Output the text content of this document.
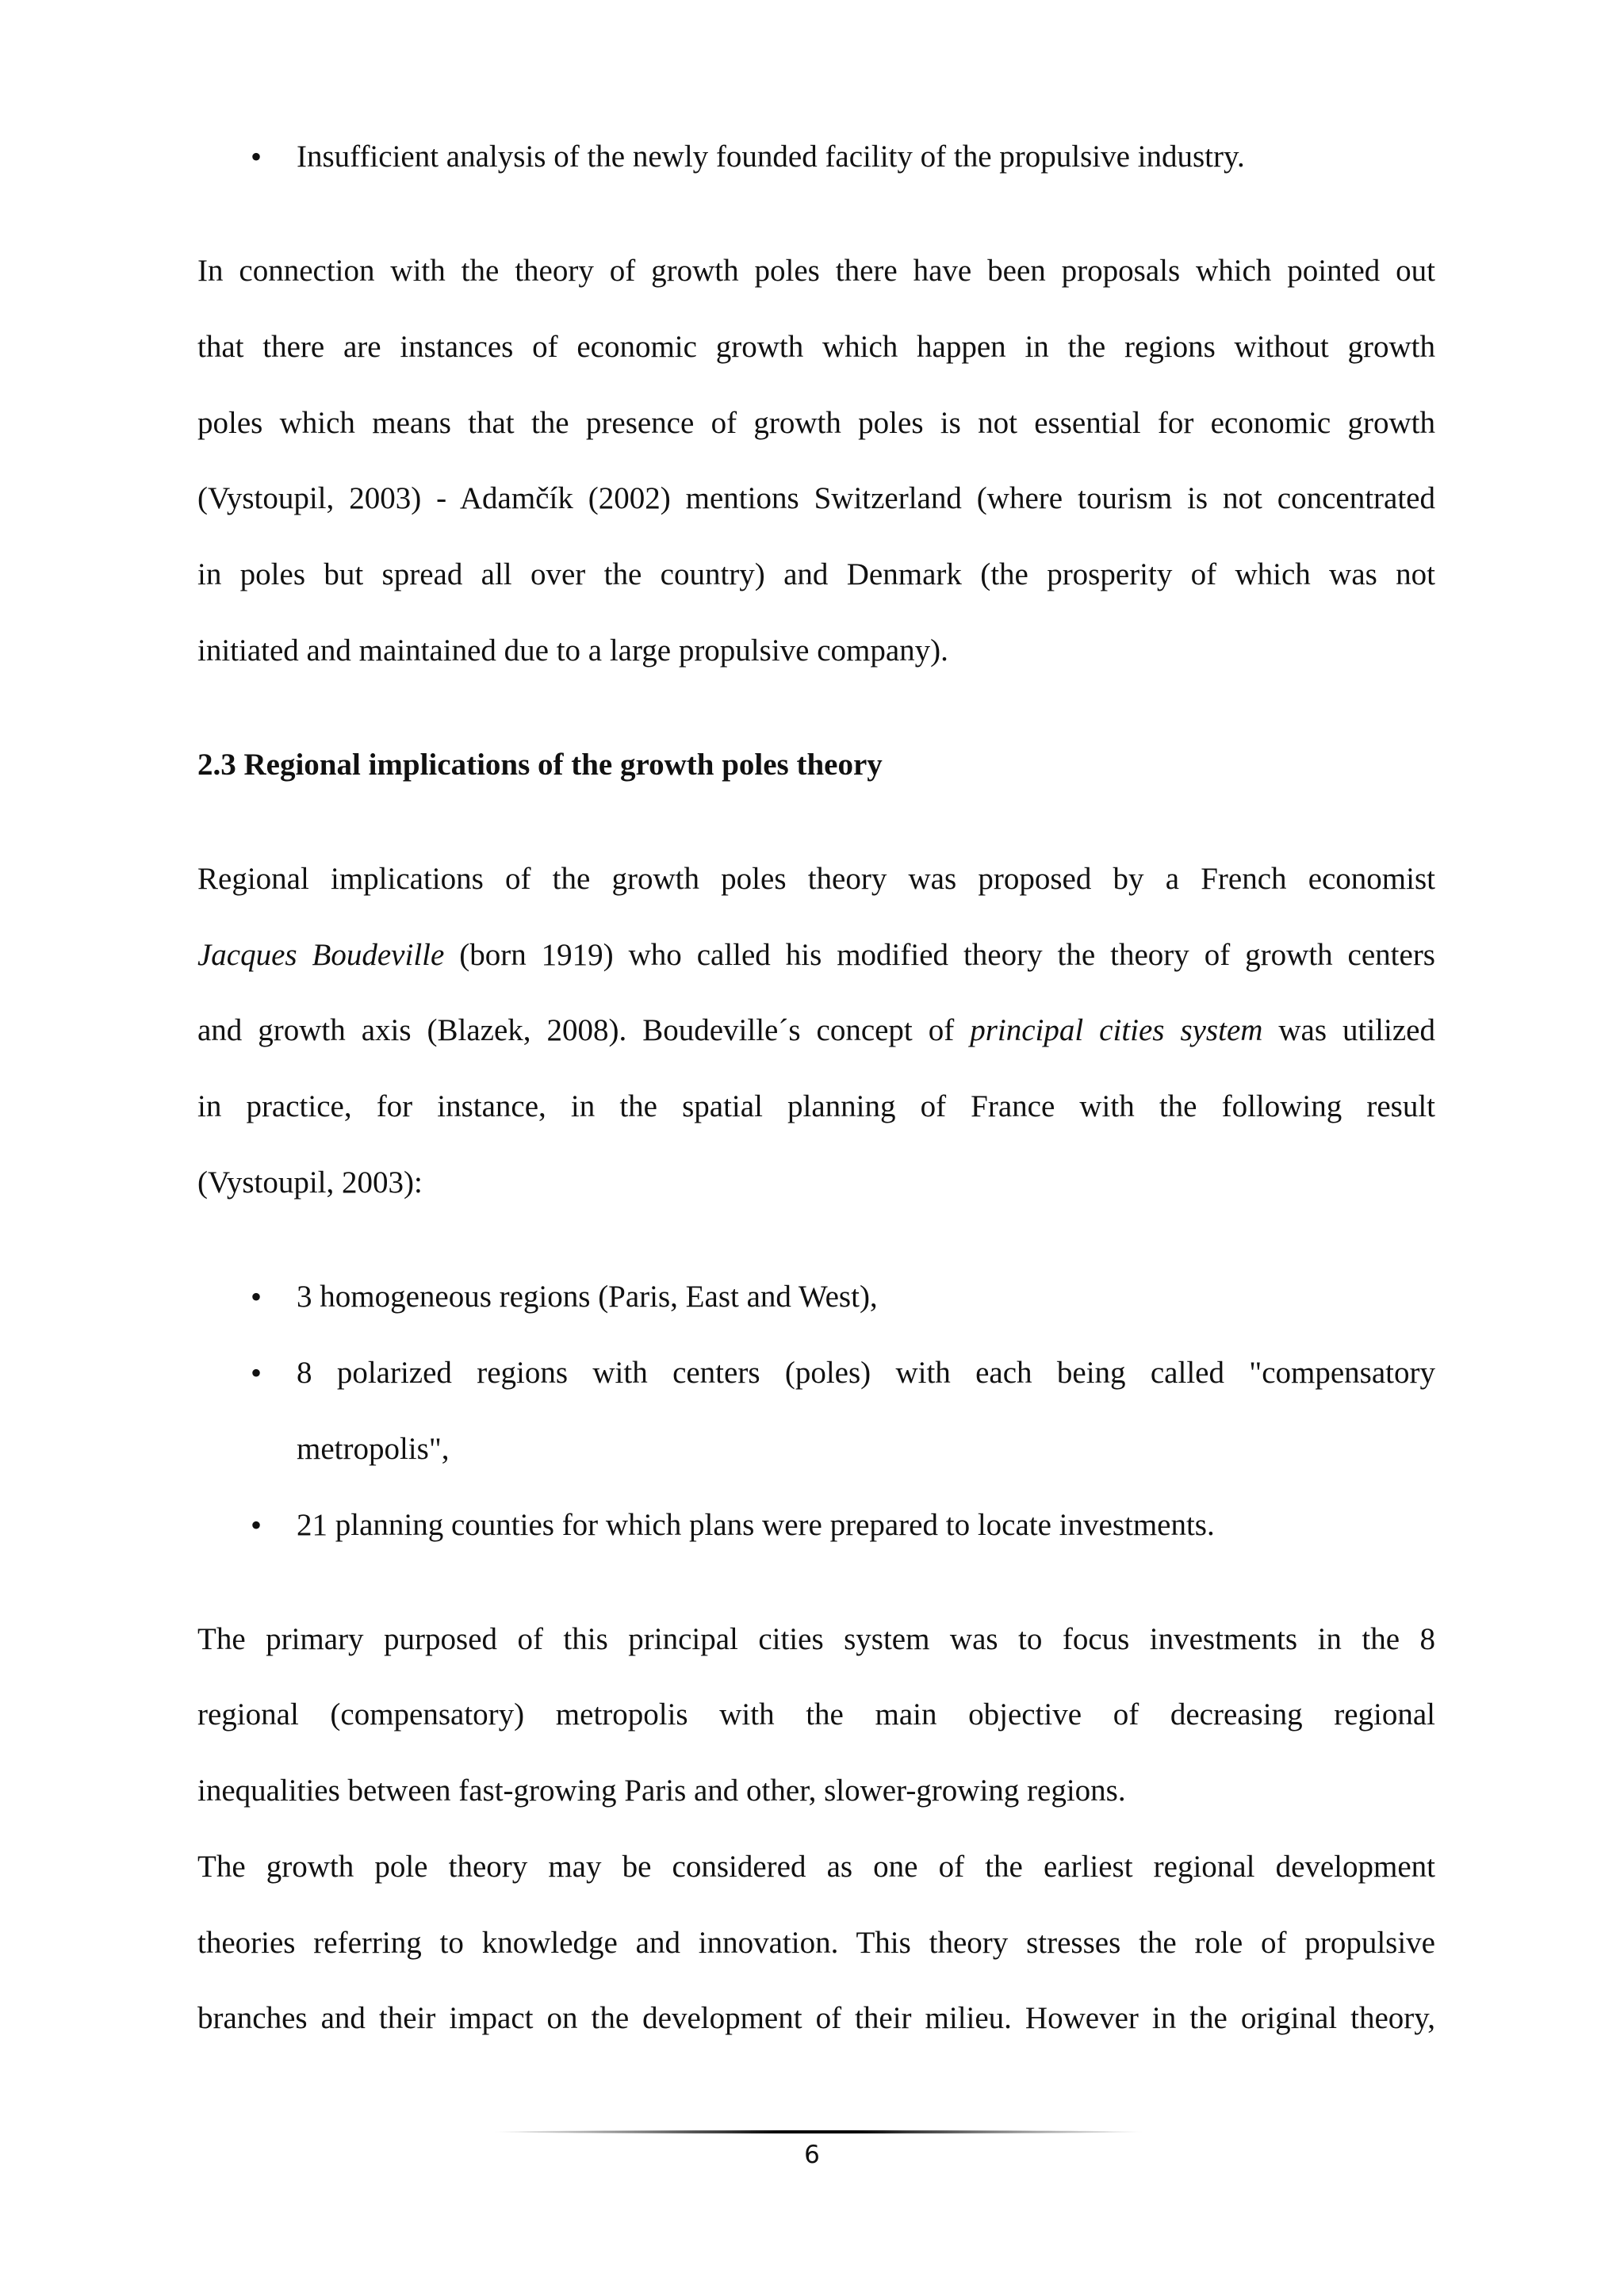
• Insufficient analysis of the newly founded facility of the propulsive industry.
In connection with the theory of growth poles there have been proposals which pointed out
that there are instances of economic growth which happen in the regions without growth
poles which means that the presence of growth poles is not essential for economic growth
(Vystoupil, 2003) - Adamčík (2002) mentions Switzerland (where tourism is not concentrated
in poles but spread all over the country) and Denmark (the prosperity of which was not
initiated and maintained due to a large propulsive company).
2.3 Regional implications of the growth poles theory
Regional implications of the growth poles theory was proposed by a French economist
Jacques Boudeville (born 1919) who called his modified theory the theory of growth centers
and growth axis (Blazek, 2008). Boudeville´s concept of principal cities system was utilized
in practice, for instance, in the spatial planning of France with the following result
(Vystoupil, 2003):
• 3 homogeneous regions (Paris, East and West),
• 8 polarized regions with centers (poles) with each being called "compensatory
metropolis",
• 21 planning counties for which plans were prepared to locate investments.
The primary purposed of this principal cities system was to focus investments in the 8
regional (compensatory) metropolis with the main objective of decreasing regional
inequalities between fast-growing Paris and other, slower-growing regions.
The growth pole theory may be considered as one of the earliest regional development
theories referring to knowledge and innovation. This theory stresses the role of propulsive
branches and their impact on the development of their milieu. However in the original theory,
6
